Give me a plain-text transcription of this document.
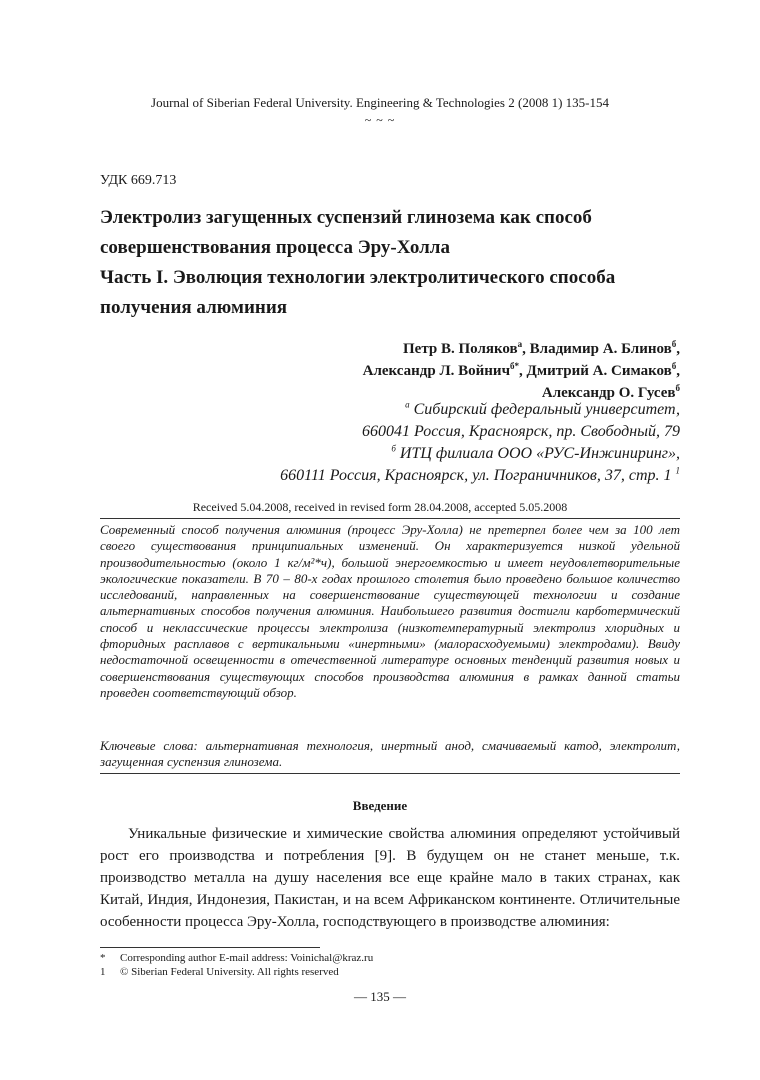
Journal of Siberian Federal University. Engineering & Technologies 2 (2008 1) 135-154
~ ~ ~
УДК 669.713
Электролиз загущенных суспензий глинозема как способ
совершенствования процесса Эру-Холла
Часть I. Эволюция технологии электролитического способа
получения алюминия
Петр В. Поляков$^а$, Владимир А. Блинов$^б$,
Александр Л. Войнич$^{б*}$, Дмитрий А. Симаков$^б$,
Александр О. Гусев$^б$
$^а$ Сибирский федеральный университет,
660041 Россия, Красноярск, пр. Свободный, 79
$^б$ ИТЦ филиала ООО «РУС-Инжиниринг»,
660111 Россия, Красноярск, ул. Пограничников, 37, стр. 1 $^1$
Received 5.04.2008, received in revised form 28.04.2008, accepted 5.05.2008
Современный способ получения алюминия (процесс Эру-Холла) не претерпел более чем за 100 лет своего существования принципиальных изменений. Он характеризуется низкой удельной производительностью (около 1 кг/м²*ч), большой энергоемкостью и имеет неудовлетворительные экологические показатели. В 70 – 80-х годах прошлого столетия было проведено большое количество исследований, направленных на совершенствование существующей технологии и создание альтернативных способов получения алюминия. Наибольшего развития достигли карботермический способ и неклассические процессы электролиза (низкотемпературный электролиз хлоридных и фторидных расплавов с вертикальными «инертными» (малорасходуемыми) электродами). Ввиду недостаточной освещенности в отечественной литературе основных тенденций развития новых и совершенствования существующих способов производства алюминия в рамках данной статьи проведен соответствующий обзор.
Ключевые слова: альтернативная технология, инертный анод, смачиваемый катод, электролит, загущенная суспензия глинозема.
Введение
Уникальные физические и химические свойства алюминия определяют устойчивый рост его производства и потребления [9]. В будущем он не станет меньше, т.к. производство металла на душу населения все еще крайне мало в таких странах, как Китай, Индия, Индонезия, Пакистан, и на всем Африканском континенте. Отличительные особенности процесса Эру-Холла, господствующего в производстве алюминия:
* Corresponding author E-mail address: Voinichal@kraz.ru
1 © Siberian Federal University. All rights reserved
— 135 —
